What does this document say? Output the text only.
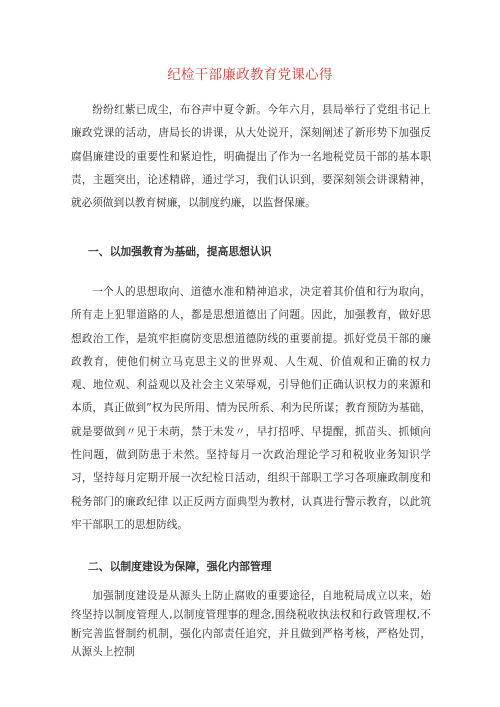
纪检干部廉政教育党课心得

纷纷红紫已成尘，布谷声中夏令新。今年六月，县局举行了党组书记上廉政党课的活动，唐局长的讲课，从大处说开，深刻阐述了新形势下加强反腐倡廉建设的重要性和紧迫性，明确提出了作为一名地税党员干部的基本职责，主题突出，论述精辟，通过学习，我们认识到，要深刻领会讲课精神，就必须做到以教育树廉，以制度约廉，以监督保廉。

一、以加强教育为基础，提高思想认识

一个人的思想取向、道德水准和精神追求，决定着其价值和行为取向，所有走上犯罪道路的人，都是思想道德出了问题。因此，加强教育，做好思想政治工作，是筑牢拒腐防变思想道德防线的重要前提。抓好党员干部的廉政教育，使他们树立马克思主义的世界观、人生观、价值观和正确的权力观、地位观、利益观以及社会主义荣辱观，引导他们正确认识权力的来源和本质，真正做到”权为民所用、情为民所系、利为民所谋；教育预防为基础，就是要做到〃见于未萌，禁于未发〃，早打招呼、早提醒，抓苗头、抓倾向性问题，做到防患于未然。坚持每月一次政治理论学习和税收业务知识学习，坚持每月定期开展一次纪检日活动，组织干部职工学习各项廉政制度和税务部门的廉政纪律 以正反两方面典型为教材，认真进行警示教育，以此筑牢干部职工的思想防线。

二、以制度建设为保障，强化内部管理

加强制度建设是从源头上防止腐败的重要途径，自地税局成立以来，始终坚持以制度管理人,以制度管理事的理念,围绕税收执法权和行政管理权,不断完善监督制约机制，强化内部责任追究，并且做到严格考核，严格处罚，从源头上控制
